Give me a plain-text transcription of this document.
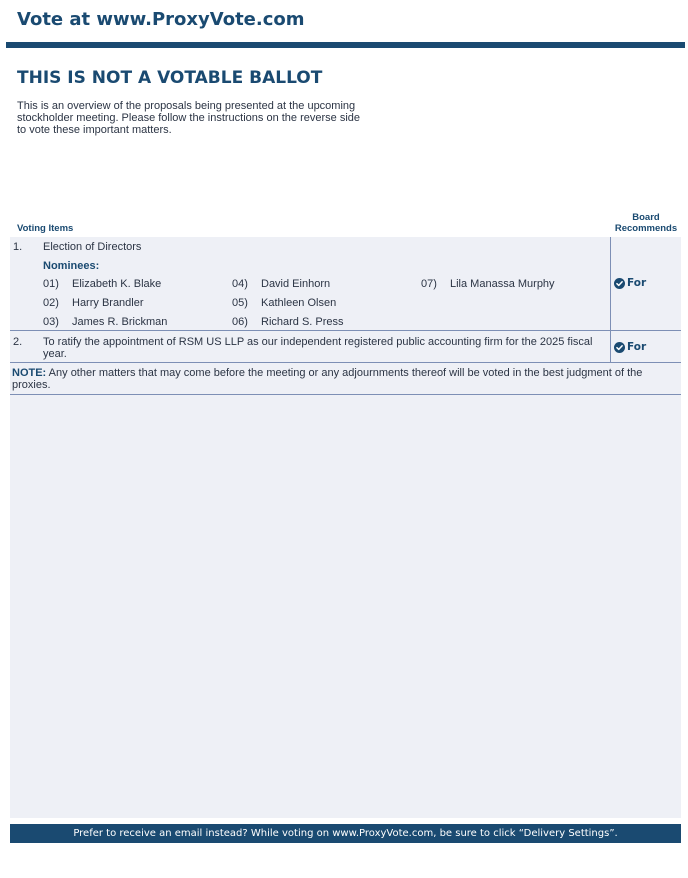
Vote at www.ProxyVote.com
THIS IS NOT A VOTABLE BALLOT
This is an overview of the proposals being presented at the upcoming stockholder meeting. Please follow the instructions on the reverse side to vote these important matters.
Voting Items
Board
Recommends
1. Election of Directors
Nominees:
01) Elizabeth K. Blake
02) Harry Brandler
03) James R. Brickman
04) David Einhorn
05) Kathleen Olsen
06) Richard S. Press
07) Lila Manassa Murphy	For
2. To ratify the appointment of RSM US LLP as our independent registered public accounting firm for the 2025 fiscal
year.
For
NOTE: Any other matters that may come before the meeting or any adjournments thereof will be voted in the best judgment of the proxies.
Prefer to receive an email instead? While voting on www.ProxyVote.com, be sure to click “Delivery Settings”.
